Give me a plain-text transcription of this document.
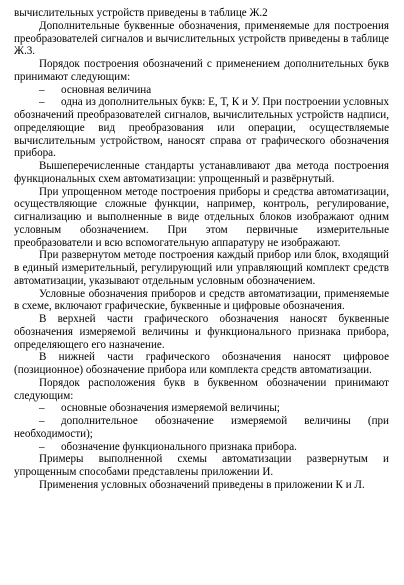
вычислительных устройств приведены в таблице Ж.2

Дополнительные буквенные обозначения, применяемые для построения преобразователей сигналов и вычислительных устройств приведены в таблице Ж.3.

Порядок построения обозначений с применением дополнительных букв принимают следующим:

– основная величина

– одна из дополнительных букв: Е, Т, К и У. При построении условных обозначений преобразователей сигналов, вычислительных устройств надписи, определяющие вид преобразования или операции, осуществляемые вычислительным устройством, наносят справа от графического обозначения прибора.

Вышеперечисленные стандарты устанавливают два метода построения функциональных схем автоматизации: упрощенный и развёрнутый.

При упрощенном методе построения приборы и средства автоматизации, осуществляющие сложные функции, например, контроль, регулирование, сигнализацию и выполненные в виде отдельных блоков изображают одним условным обозначением. При этом первичные измерительные преобразователи и всю вспомогательную аппаратуру не изображают.

При развернутом методе построения каждый прибор или блок, входящий в единый измерительный, регулирующий или управляющий комплект средств автоматизации, указывают отдельным условным обозначением.

Условные обозначения приборов и средств автоматизации, применяемые в схеме, включают графические, буквенные и цифровые обозначения.

В верхней части графического обозначения наносят буквенные обозначения измеряемой величины и функционального признака прибора, определяющего его назначение.

В нижней части графического обозначения наносят цифровое (позиционное) обозначение прибора или комплекта средств автоматизации.

Порядок расположения букв в буквенном обозначении принимают следующим:

– основные обозначения измеряемой величины;

– дополнительное обозначение измеряемой величины (при необходимости);

– обозначение функционального признака прибора.

Примеры выполненной схемы автоматизации развернутым и упрощенным способами представлены приложении И.

Применения условных обозначений приведены в приложении К и Л.
